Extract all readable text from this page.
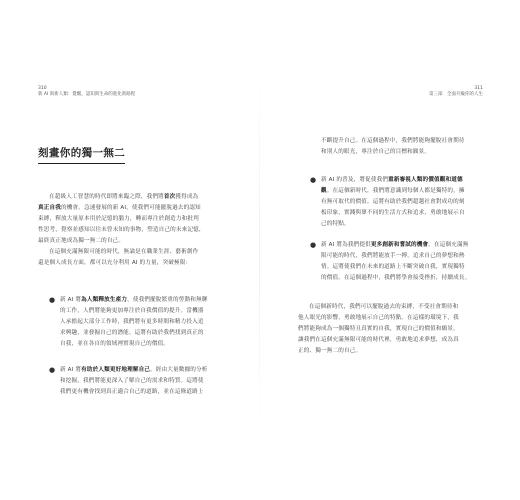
310
新 AI 與新人類：覺醒，認知與生命的進化新路程
刻畫你的獨一無二
在超級人工智慧的時代即將來臨之際，我們將首次獲得成為
真正自我的機會。急速發展的新 AI，使我們可能擺脫過去的認知
束縛，釋放大量原本用於記憶的腦力，轉而專注於創造力和批判
性思考，覺察並感知以往未曾未知的事物，塑造自己的未來記憶，
最終真正地成為獨一無二的自己。
在這個充滿無限可能的時代，無論是在職業生涯、藝術創作
還是個人成長方面，都可以充分利用 AI 的力量，突破極限：
● 新 AI 將為人類釋放生產力，使我們擺脫繁重的勞動和無聊
的工作，人們將能夠更加專注於自我價值的提升。當機器
人承擔起大部分工作時，我們將有更多時間和精力投入追
求興趣，並發掘自己的潛能。這將有助於我們找到真正的
自我，並在各自的領域裡實現自己的價值。
● 新 AI 將有助於人類更好地理解自己，經由大量數據的分析
和挖掘，我們將能更深入了解自己的需求和特質。這將使
我們更有機會找到真正適合自己的道路，並在這條道路上
311
第三部　全面升級你的人生
不斷提升自己。在這個過程中，我們將能夠擺脫社會期待
和別人的眼光，專注於自己的目標和願景。
● 新 AI 的普及，將促使我們重新審視人類的價值觀和道德
觀。在這個新時代，我們將意識到每個人都是獨特的，擁
有無可取代的價值。這將有助於我們超越社會對成功的刻
板印象，實踐與眾不同的生活方式和追求，勇敢地展示自
己的特點。
● 新 AI 將為我們提供更多創新和嘗試的機會。在這個充滿無
限可能的時代，我們將能放手一搏，追求自己的夢想和熱
情。這將使我們在未來的道路上不斷突破自我，實現獨特
的價值。在這個過程中，我們將學會接受挫折，持續成長。
在這個新時代，我們可以擺脫過去的束縛，不受社會期待和
他人眼光的影響，勇敢地展示自己的特點。在這樣的環境下，我
們將能夠成為一個獨特且真實的自我，實現自己的價值和願景。
讓我們在這個充滿無限可能的時代裡，勇敢地追求夢想，成為真
正的、獨一無二的自己。
